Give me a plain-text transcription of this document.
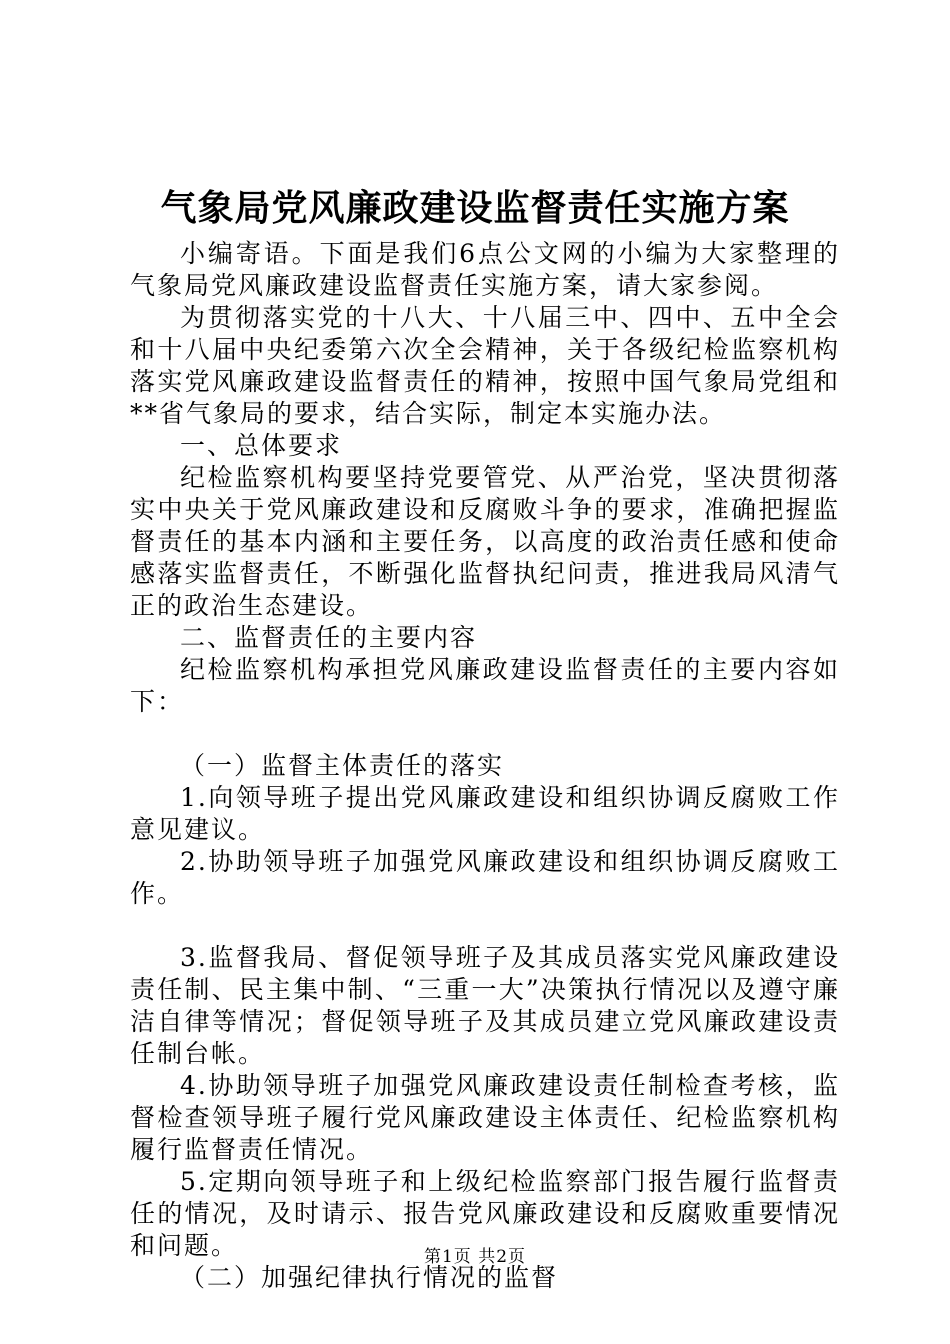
气象局党风廉政建设监督责任实施方案

小编寄语。下面是我们6点公文网的小编为大家整理的气象局党风廉政建设监督责任实施方案，请大家参阅。

为贯彻落实党的十八大、十八届三中、四中、五中全会和十八届中央纪委第六次全会精神，关于各级纪检监察机构落实党风廉政建设监督责任的精神，按照中国气象局党组和**省气象局的要求，结合实际，制定本实施办法。

一、总体要求

纪检监察机构要坚持党要管党、从严治党，坚决贯彻落实中央关于党风廉政建设和反腐败斗争的要求，准确把握监督责任的基本内涵和主要任务，以高度的政治责任感和使命感落实监督责任，不断强化监督执纪问责，推进我局风清气正的政治生态建设。

二、监督责任的主要内容

纪检监察机构承担党风廉政建设监督责任的主要内容如下：

（一）监督主体责任的落实

1.向领导班子提出党风廉政建设和组织协调反腐败工作意见建议。

2.协助领导班子加强党风廉政建设和组织协调反腐败工作。

3.监督我局、督促领导班子及其成员落实党风廉政建设责任制、民主集中制、“三重一大”决策执行情况以及遵守廉洁自律等情况；督促领导班子及其成员建立党风廉政建设责任制台帐。

4.协助领导班子加强党风廉政建设责任制检查考核，监督检查领导班子履行党风廉政建设主体责任、纪检监察机构履行监督责任情况。

5.定期向领导班子和上级纪检监察部门报告履行监督责任的情况，及时请示、报告党风廉政建设和反腐败重要情况和问题。

（二）加强纪律执行情况的监督

第1页 共2页
